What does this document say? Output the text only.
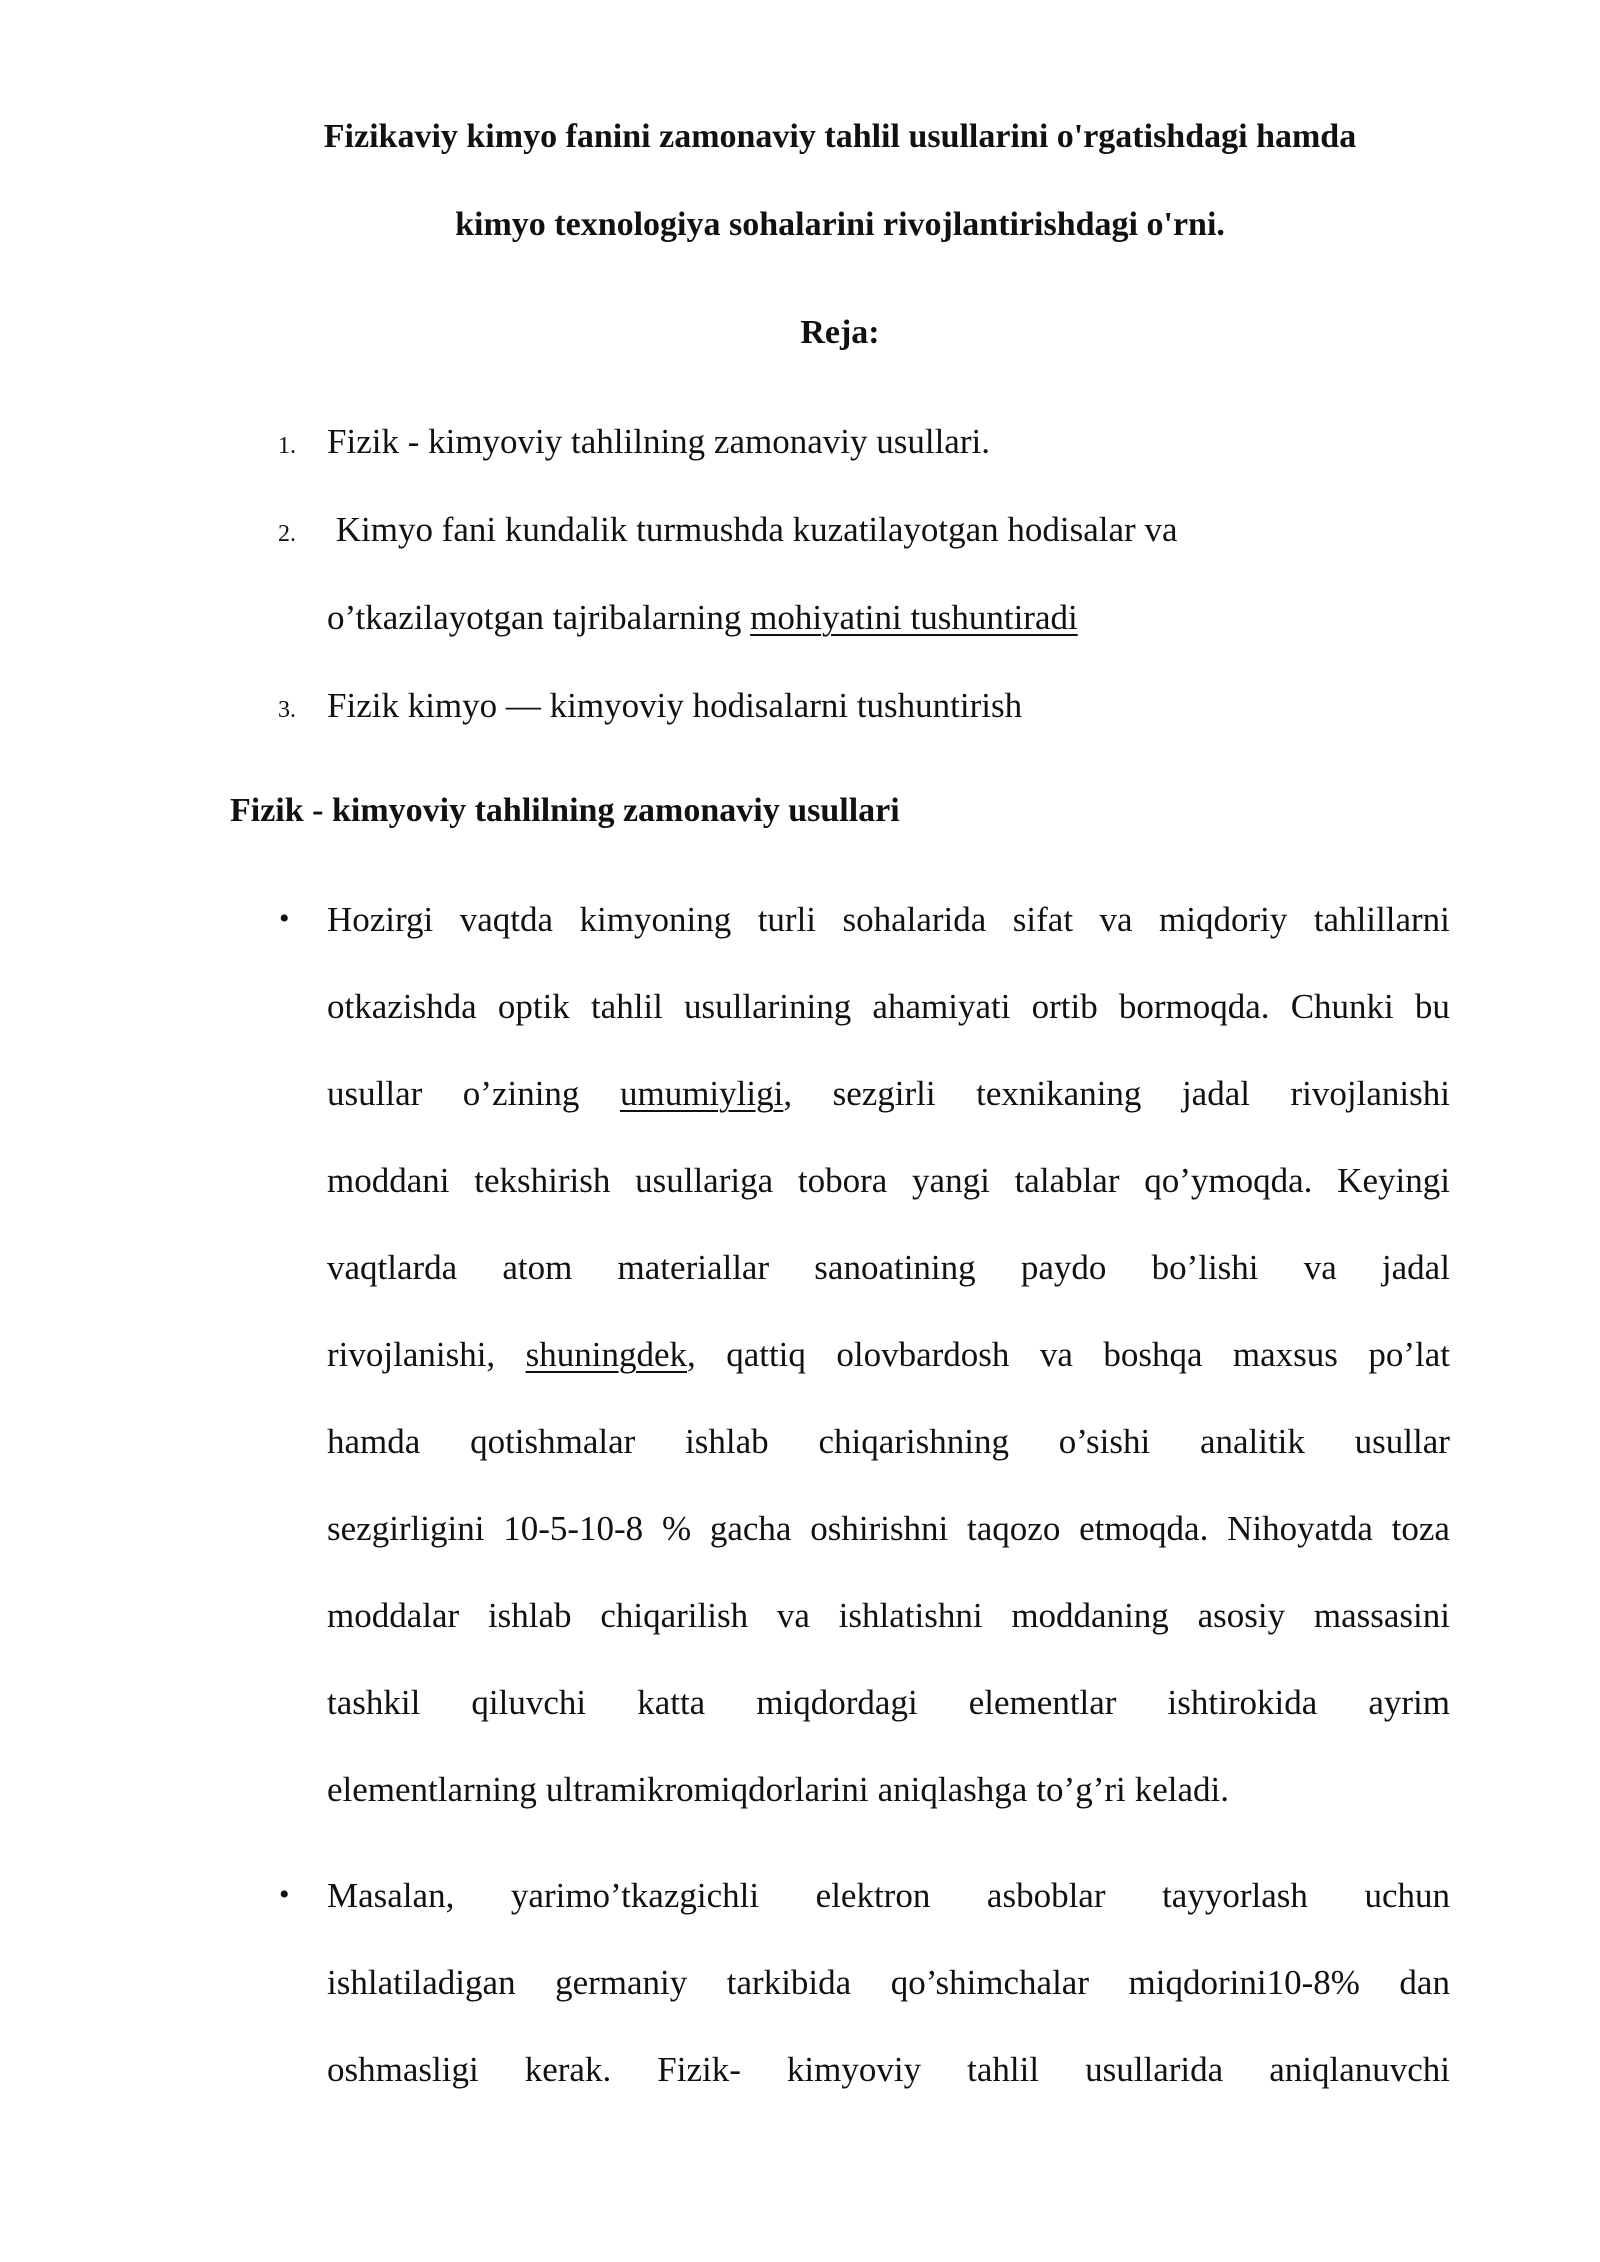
Fizikaviy kimyo fanini zamonaviy tahlil usullarini o'rgatishdagi hamda
kimyo texnologiya sohalarini rivojlantirishdagi o'rni.
Reja:
1. Fizik - kimyoviy tahlilning zamonaviy usullari.
2. Kimyo fani kundalik turmushda kuzatilayotgan hodisalar va
o’tkazilayotgan tajribalarning mohiyatini tushuntiradi
3. Fizik kimyo — kimyoviy hodisalarni tushuntirish
Fizik - kimyoviy tahlilning zamonaviy usullari
• Hozirgi vaqtda kimyoning turli sohalarida sifat va miqdoriy tahlillarni
otkazishda optik tahlil usullarining ahamiyati ortib bormoqda. Chunki bu
usullar o’zining umumiyligi, sezgirli texnikaning jadal rivojlanishi
moddani tekshirish usullariga tobora yangi talablar qo’ymoqda. Keyingi
vaqtlarda atom materiallar sanoatining paydo bo’lishi va jadal
rivojlanishi, shuningdek, qattiq olovbardosh va boshqa maxsus po’lat
hamda qotishmalar ishlab chiqarishning o’sishi analitik usullar
sezgirligini 10-5-10-8 % gacha oshirishni taqozo etmoqda. Nihoyatda toza
moddalar ishlab chiqarilish va ishlatishni moddaning asosiy massasini
tashkil qiluvchi katta miqdordagi elementlar ishtirokida ayrim
elementlarning ultramikromiqdorlarini aniqlashga to’g’ri keladi.
• Masalan, yarimo’tkazgichli elektron asboblar tayyorlash uchun
ishlatiladigan germaniy tarkibida qo’shimchalar miqdorini10-8% dan
oshmasligi kerak. Fizik- kimyoviy tahlil usullarida aniqlanuvchi
